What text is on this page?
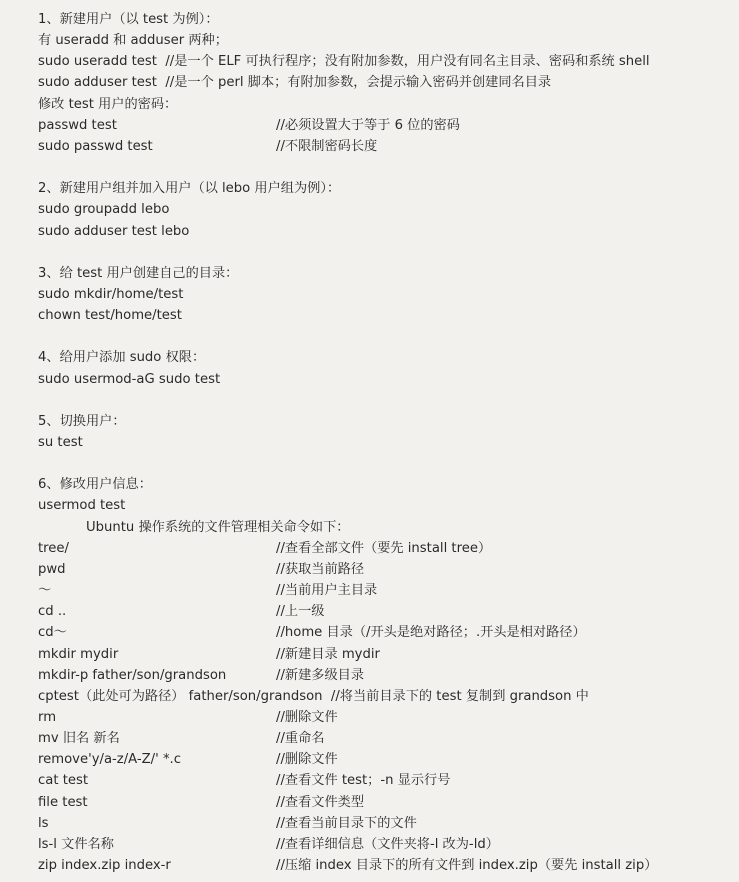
1、新建用户（以 test 为例）：
有 useradd 和 adduser 两种；
sudo useradd test //是一个 ELF 可执行程序；没有附加参数，用户没有同名主目录、密码和系统 shell
sudo adduser test //是一个 perl 脚本；有附加参数，会提示输入密码并创建同名目录
修改 test 用户的密码：
passwd test	//必须设置大于等于 6 位的密码
sudo passwd test	//不限制密码长度
2、新建用户组并加入用户（以 lebo 用户组为例）：
sudo groupadd lebo
sudo adduser test lebo
3、给 test 用户创建自己的目录：
sudo mkdir/home/test
chown test/home/test
4、给用户添加 sudo 权限：
sudo usermod-aG sudo test
5、切换用户：
su test
6、修改用户信息：
usermod test
Ubuntu 操作系统的文件管理相关命令如下：
tree/	//查看全部文件（要先 install tree）
pwd	//获取当前路径
～	//当前用户主目录
cd ..	//上一级
cd～	//home 目录（/开头是绝对路径；.开头是相对路径）
mkdir mydir	//新建目录 mydir
mkdir-p father/son/grandson	//新建多级目录
cptest（此处可为路径） father/son/grandson //将当前目录下的 test 复制到 grandson 中
rm	//删除文件
mv 旧名 新名	//重命名
remove'y/a-z/A-Z/' *.c	//删除文件
cat test	//查看文件 test；-n 显示行号
file test	//查看文件类型
ls	//查看当前目录下的文件
ls-l 文件名称	//查看详细信息（文件夹将-l 改为-ld）
zip index.zip index-r	//压缩 index 目录下的所有文件到 index.zip（要先 install zip）
